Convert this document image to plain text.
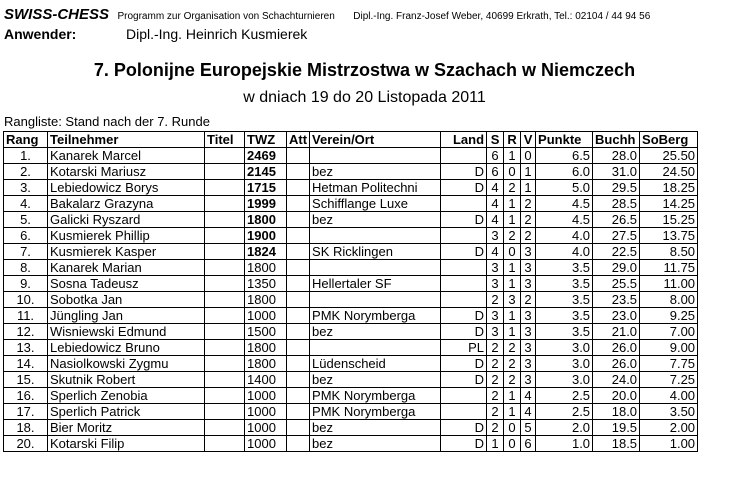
SWISS-CHESS Programm zur Organisation von Schachturnieren Dipl.-Ing. Franz-Josef Weber, 40699 Erkrath, Tel.: 02104 / 44 94 56
Anwender:	Dipl.-Ing. Heinrich Kusmierek
7. Polonijne Europejskie Mistrzostwa w Szachach w Niemczech
w dniach 19 do 20 Listopada 2011
Rangliste: Stand nach der 7. Runde
Rang	Teilnehmer	Titel	TWZ	Att	Verein/Ort	Land	S	R	V	Punkte	Buchh	SoBerg
1.	Kanarek Marcel		2469				6	1	0	6.5	28.0	25.50
2.	Kotarski Mariusz		2145		bez	D	6	0	1	6.0	31.0	24.50
3.	Lebiedowicz Borys		1715		Hetman Politechni	D	4	2	1	5.0	29.5	18.25
4.	Bakalarz Grazyna		1999		Schifflange Luxe		4	1	2	4.5	28.5	14.25
5.	Galicki Ryszard		1800		bez	D	4	1	2	4.5	26.5	15.25
6.	Kusmierek Phillip		1900				3	2	2	4.0	27.5	13.75
7.	Kusmierek Kasper		1824		SK Ricklingen	D	4	0	3	4.0	22.5	8.50
8.	Kanarek Marian		1800				3	1	3	3.5	29.0	11.75
9.	Sosna Tadeusz		1350		Hellertaler SF		3	1	3	3.5	25.5	11.00
10.	Sobotka Jan		1800				2	3	2	3.5	23.5	8.00
11.	Jüngling Jan		1000		PMK Norymberga	D	3	1	3	3.5	23.0	9.25
12.	Wisniewski Edmund		1500		bez	D	3	1	3	3.5	21.0	7.00
13.	Lebiedowicz Bruno		1800			PL	2	2	3	3.0	26.0	9.00
14.	Nasiolkowski Zygmu		1800		Lüdenscheid	D	2	2	3	3.0	26.0	7.75
15.	Skutnik Robert		1400		bez	D	2	2	3	3.0	24.0	7.25
16.	Sperlich Zenobia		1000		PMK Norymberga		2	1	4	2.5	20.0	4.00
17.	Sperlich Patrick		1000		PMK Norymberga		2	1	4	2.5	18.0	3.50
18.	Bier Moritz		1000		bez	D	2	0	5	2.0	19.5	2.00
20.	Kotarski Filip		1000		bez	D	1	0	6	1.0	18.5	1.00
